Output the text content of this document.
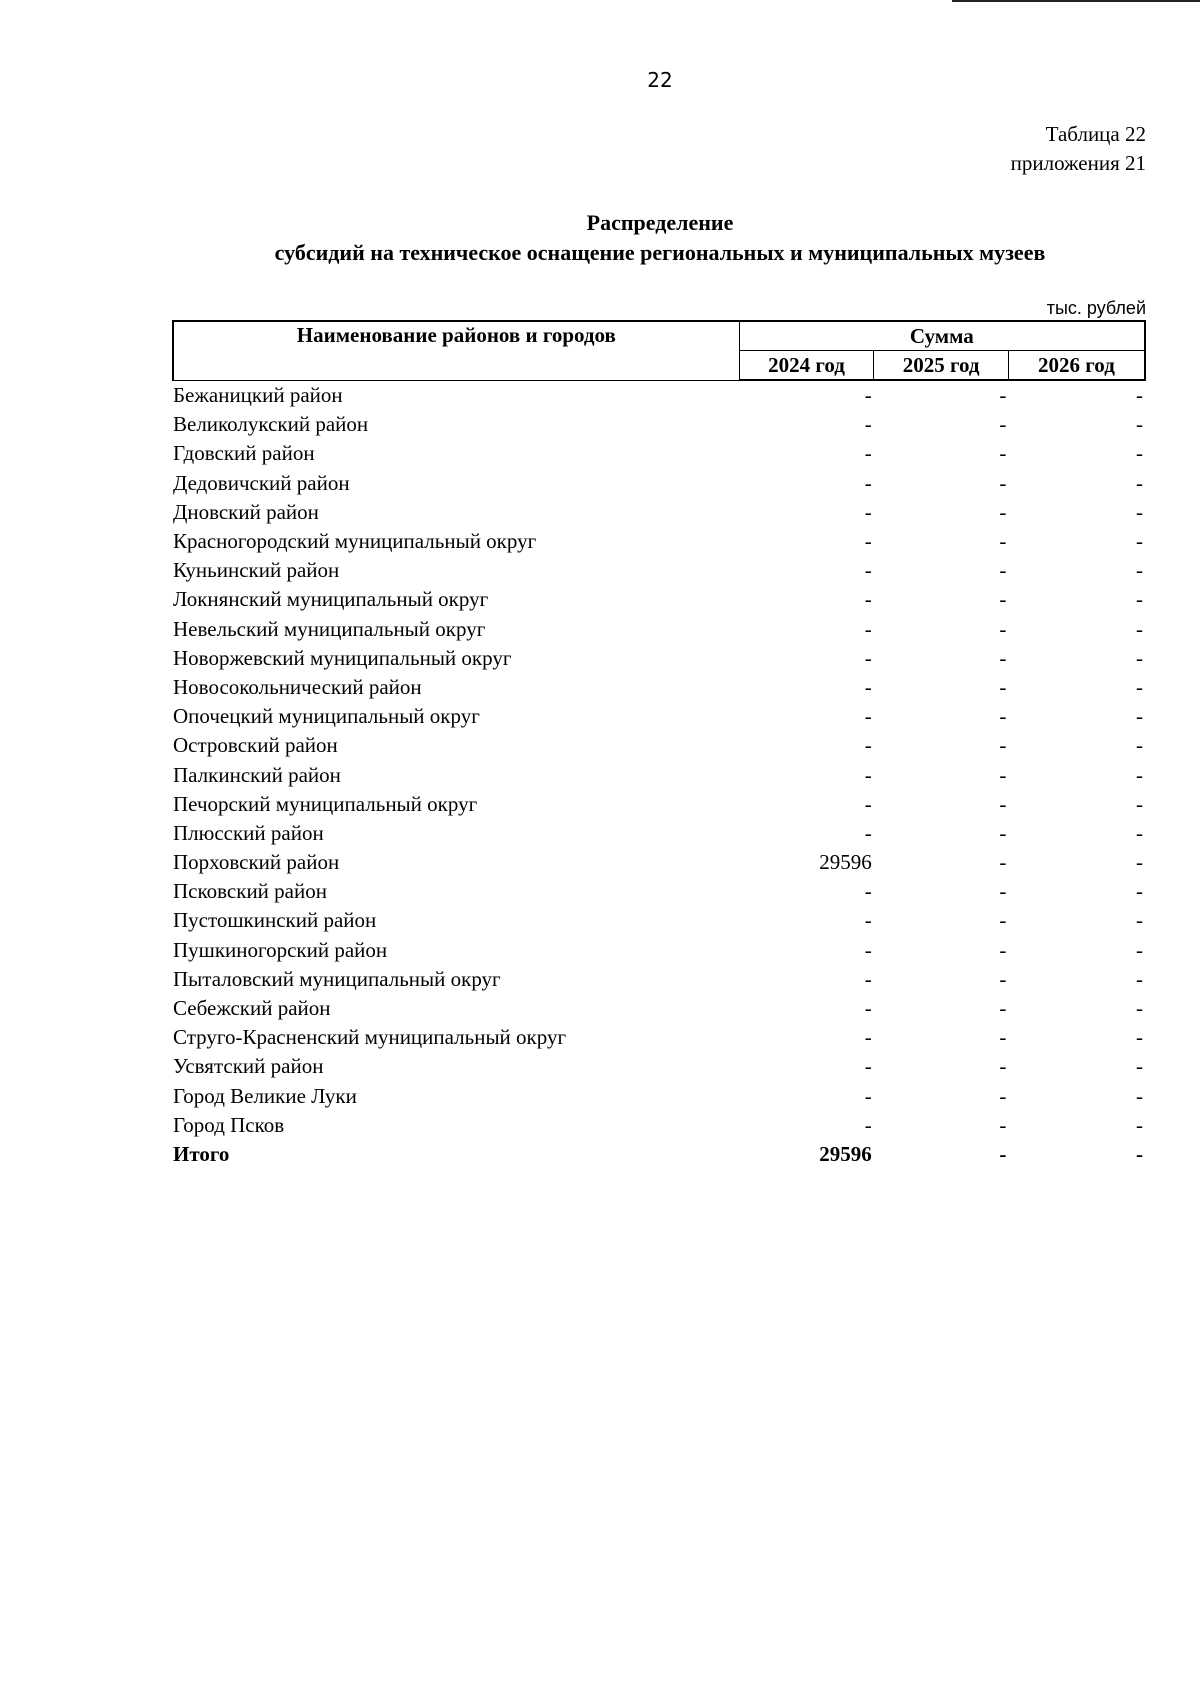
22
Таблица 22
приложения 21
Распределение
субсидий на техническое оснащение региональных и муниципальных музеев
тыс. рублей
Наименование районов и городов	Сумма		
	2024 год	2025 год	2026 год
Бежаницкий район	-	-	-
Великолукский район	-	-	-
Гдовский район	-	-	-
Дедовичский район	-	-	-
Дновский район	-	-	-
Красногородский муниципальный округ	-	-	-
Куньинский район	-	-	-
Локнянский муниципальный округ	-	-	-
Невельский муниципальный округ	-	-	-
Новоржевский муниципальный округ	-	-	-
Новосокольнический район	-	-	-
Опочецкий муниципальный округ	-	-	-
Островский район	-	-	-
Палкинский район	-	-	-
Печорский муниципальный округ	-	-	-
Плюсский район	-	-	-
Порховский район	29596	-	-
Псковский район	-	-	-
Пустошкинский район	-	-	-
Пушкиногорский район	-	-	-
Пыталовский муниципальный округ	-	-	-
Себежский район	-	-	-
Струго-Красненский муниципальный округ	-	-	-
Усвятский район	-	-	-
Город Великие Луки	-	-	-
Город Псков	-	-	-
Итого	29596	-	-
